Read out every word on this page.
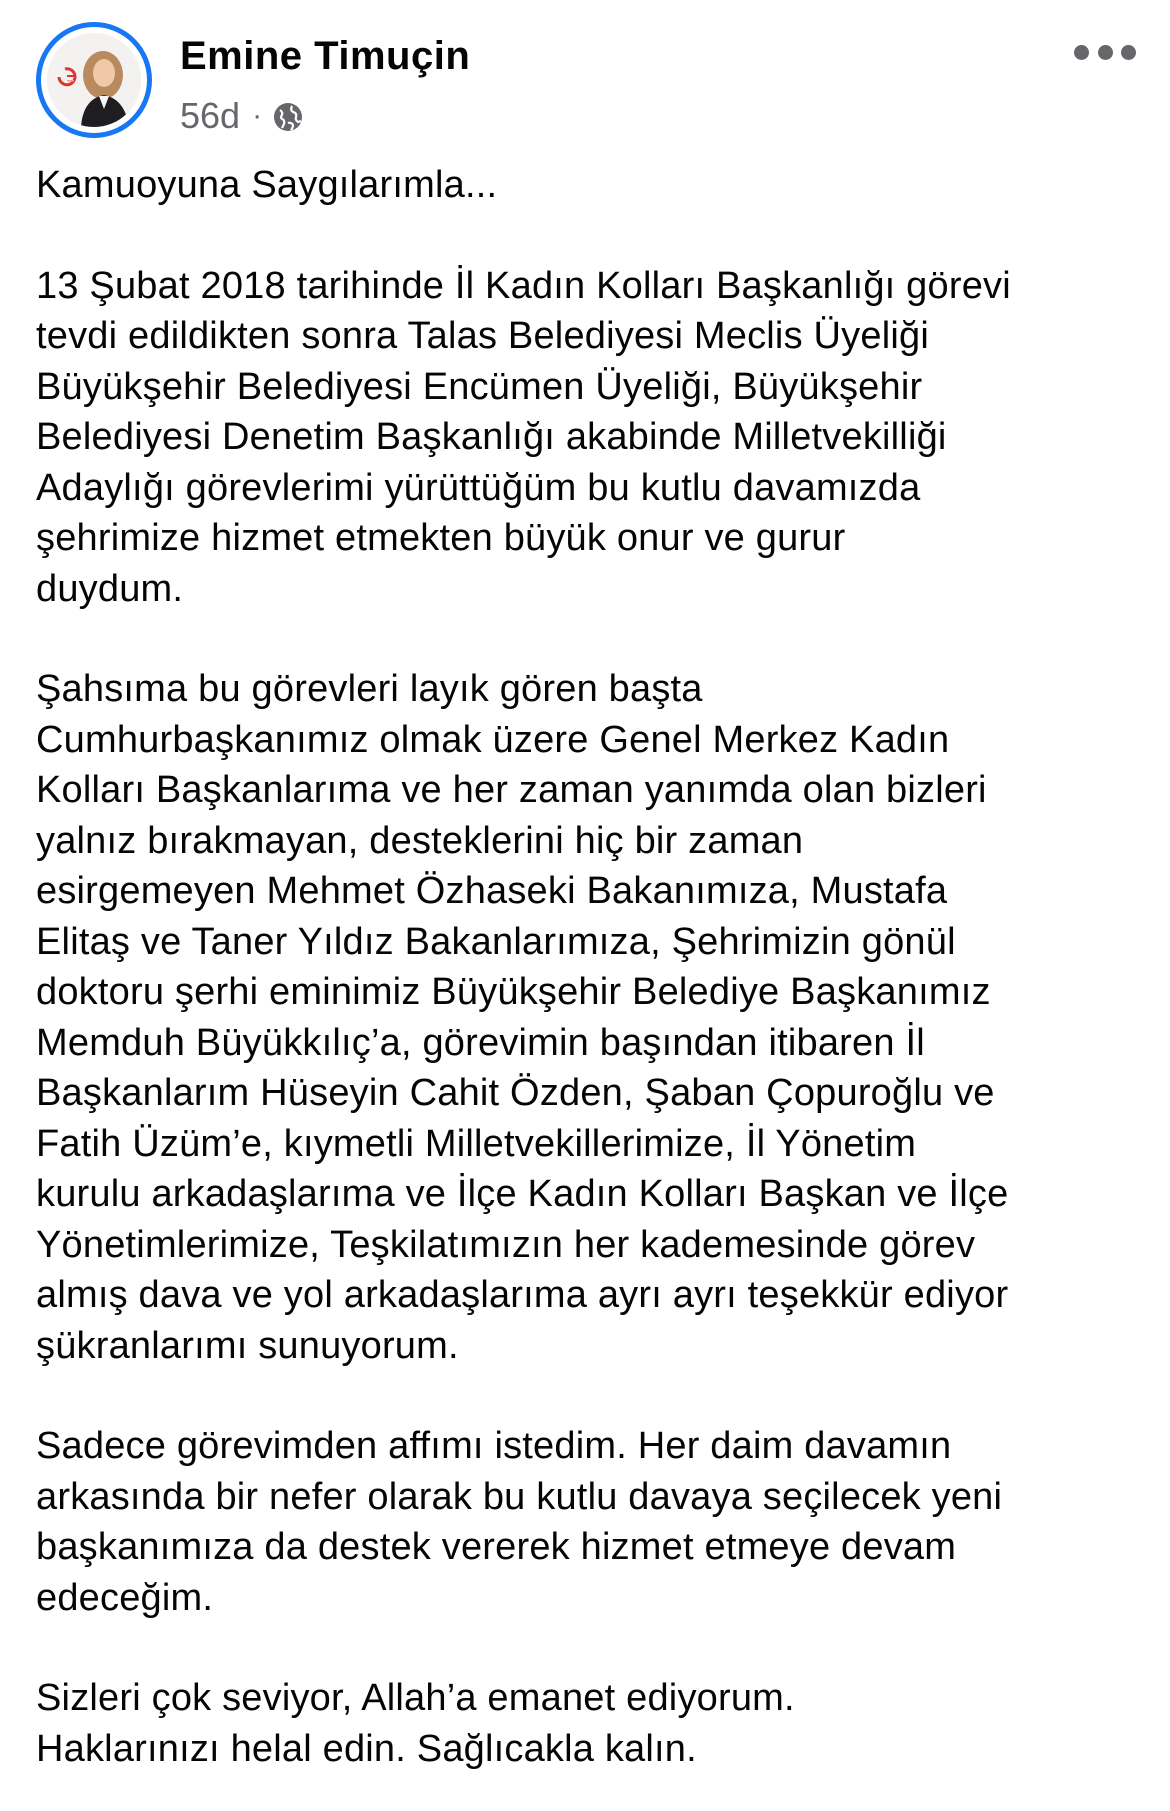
Emine Timuçin
56d ·

Kamuoyuna Saygılarımla...

13 Şubat 2018 tarihinde İl Kadın Kolları Başkanlığı görevi
tevdi edildikten sonra Talas Belediyesi Meclis Üyeliği
Büyükşehir Belediyesi Encümen Üyeliği, Büyükşehir
Belediyesi Denetim Başkanlığı akabinde Milletvekilliği
Adaylığı görevlerimi yürüttüğüm bu kutlu davamızda
şehrimize hizmet etmekten büyük onur ve gurur
duydum.

Şahsıma bu görevleri layık gören başta
Cumhurbaşkanımız olmak üzere Genel Merkez Kadın
Kolları Başkanlarıma ve her zaman yanımda olan bizleri
yalnız bırakmayan, desteklerini hiç bir zaman
esirgemeyen Mehmet Özhaseki Bakanımıza, Mustafa
Elitaş ve Taner Yıldız Bakanlarımıza, Şehrimizin gönül
doktoru şerhi eminimiz Büyükşehir Belediye Başkanımız
Memduh Büyükkılıç’a, görevimin başından itibaren İl
Başkanlarım Hüseyin Cahit Özden, Şaban Çopuroğlu ve
Fatih Üzüm’e, kıymetli Milletvekillerimize, İl Yönetim
kurulu arkadaşlarıma ve İlçe Kadın Kolları Başkan ve İlçe
Yönetimlerimize, Teşkilatımızın her kademesinde görev
almış dava ve yol arkadaşlarıma ayrı ayrı teşekkür ediyor
şükranlarımı sunuyorum.

Sadece görevimden affımı istedim. Her daim davamın
arkasında bir nefer olarak bu kutlu davaya seçilecek yeni
başkanımıza da destek vererek hizmet etmeye devam
edeceğim.

Sizleri çok seviyor, Allah’a emanet ediyorum.
Haklarınızı helal edin. Sağlıcakla kalın.
